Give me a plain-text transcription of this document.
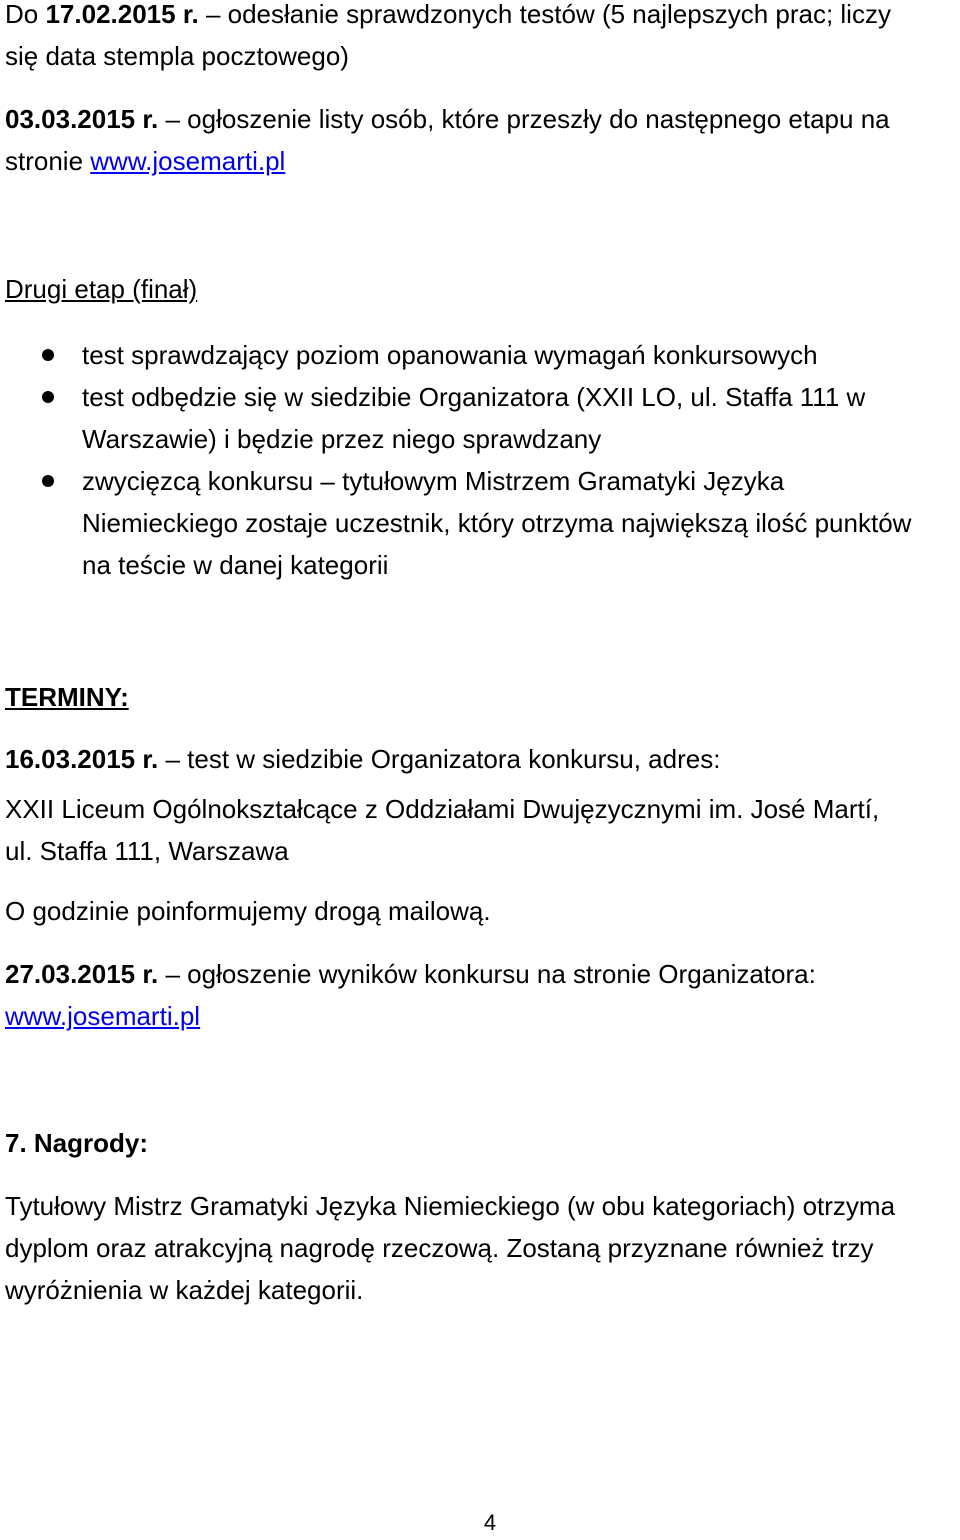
Do 17.02.2015 r. – odesłanie sprawdzonych testów (5 najlepszych prac; liczy
się data stempla pocztowego)

03.03.2015 r. – ogłoszenie listy osób, które przeszły do następnego etapu na
stronie www.josemarti.pl

Drugi etap (finał)

test sprawdzający poziom opanowania wymagań konkursowych
test odbędzie się w siedzibie Organizatora (XXII LO, ul. Staffa 111 w
Warszawie) i będzie przez niego sprawdzany
zwycięzcą konkursu – tytułowym Mistrzem Gramatyki Języka
Niemieckiego zostaje uczestnik, który otrzyma największą ilość punktów
na teście w danej kategorii

TERMINY:

16.03.2015 r. – test w siedzibie Organizatora konkursu, adres:

XXII Liceum Ogólnokształcące z Oddziałami Dwujęzycznymi im. José Martí,
ul. Staffa 111, Warszawa

O godzinie poinformujemy drogą mailową.

27.03.2015 r. – ogłoszenie wyników konkursu na stronie Organizatora:
www.josemarti.pl

7. Nagrody:

Tytułowy Mistrz Gramatyki Języka Niemieckiego (w obu kategoriach) otrzyma
dyplom oraz atrakcyjną nagrodę rzeczową. Zostaną przyznane również trzy
wyróżnienia w każdej kategorii.

4
